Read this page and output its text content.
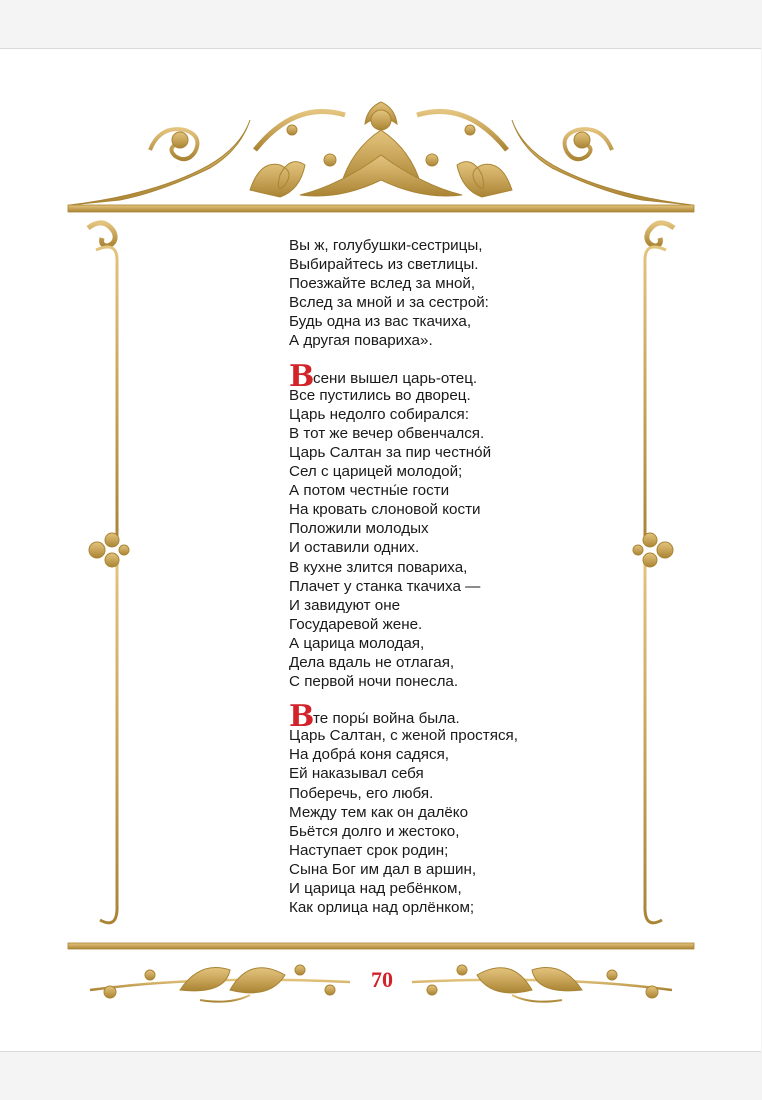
Вы ж, голубушки-сестрицы,
Выбирайтесь из светлицы.
Поезжайте вслед за мной,
Вслед за мной и за сестрой:
Будь одна из вас ткачиха,
А другая повариха».
Всени вышел царь-отец.
Все пустились во дворец.
Царь недолго собирался:
В тот же вечер обвенчался.
Царь Салтан за пир честно́й
Сел с царицей молодой;
А потом честны́е гости
На кровать слоновой кости
Положили молодых
И оставили одних.
В кухне злится повариха,
Плачет у станка ткачиха —
И завидуют оне
Государевой жене.
А царица молодая,
Дела вдаль не отлагая,
С первой ночи понесла.
Вте поры́ война была.
Царь Салтан, с женой простяся,
На добра́ коня садяся,
Ей наказывал себя
Поберечь, его любя.
Между тем как он далёко
Бьётся долго и жестоко,
Наступает срок родин;
Сына Бог им дал в аршин,
И царица над ребёнком,
Как орлица над орлёнком;
70
